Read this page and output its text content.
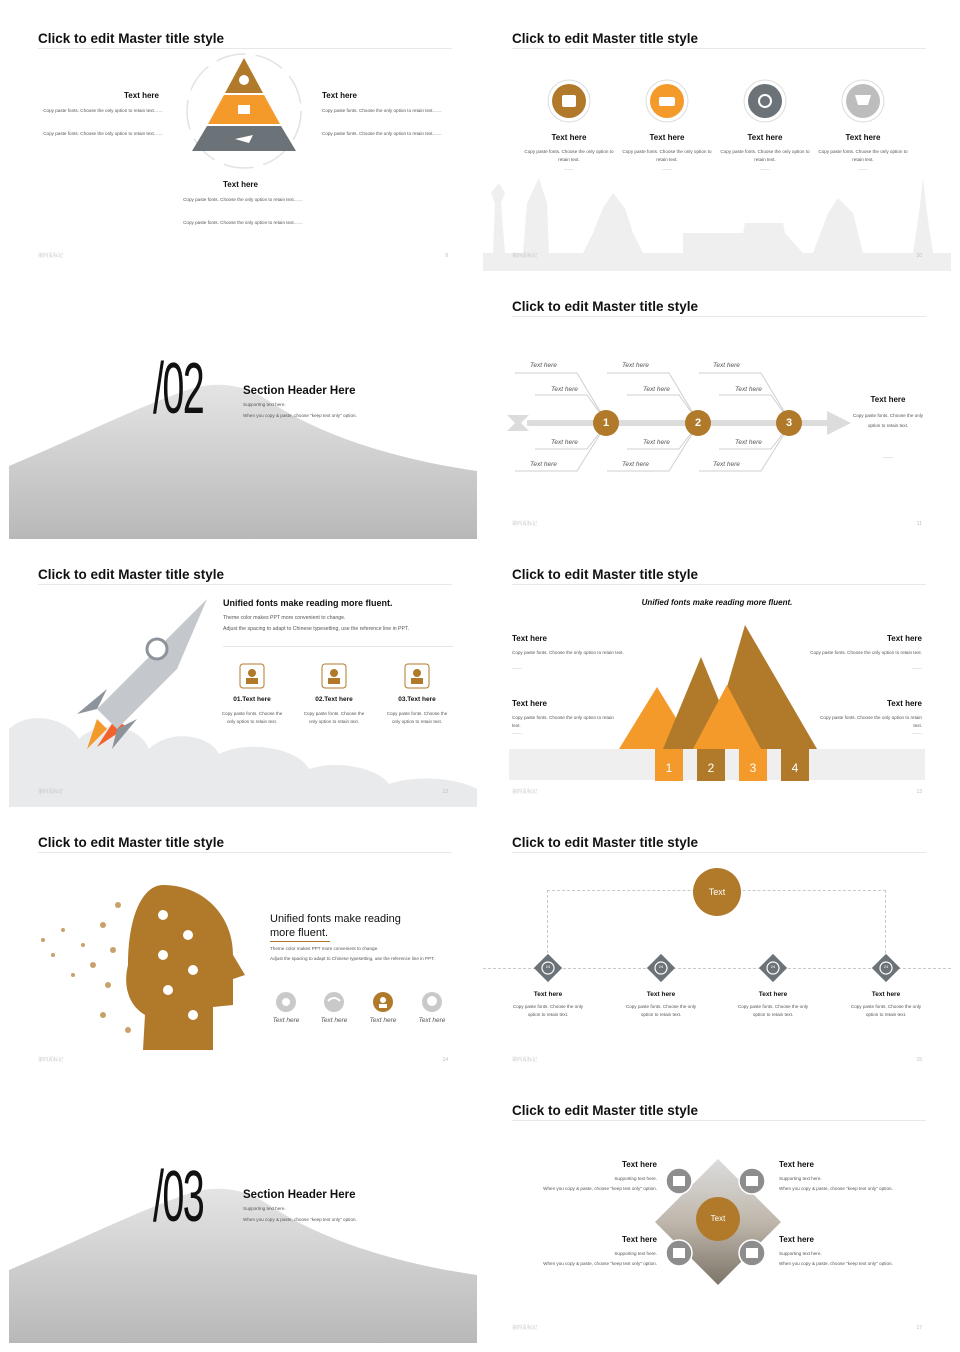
Click to edit Master title style
Text here
Copy paste fonts. Choose the only option to retain text……
Copy paste fonts. Choose the only option to retain text……
Text here
Copy paste fonts. Choose the only option to retain text……
Copy paste fonts. Choose the only option to retain text……
Text here
Copy paste fonts. Choose the only option to retain text……
Copy paste fonts. Choose the only option to retain text……
第四页标记	9
Click to edit Master title style
Text here
Copy paste fonts. Choose the only option to retain text.
……
Text here
Copy paste fonts. Choose the only option to retain text.
……
Text here
Copy paste fonts. Choose the only option to retain text.
……
Text here
Copy paste fonts. Choose the only option to retain text.
……
第四页标记	10
/02	Section Header Here
Supporting text here.
When you copy & paste, choose "keep text only" option.
Click to edit Master title style
Text here
Text here
Text here
Text here
Text here
Text here
Text here
Text here
Text here
Text here
Text here
Text here
1	2	3
Text here
Copy paste fonts. Choose the only option to retain text.
……
第四页标记	11
Click to edit Master title style
Unified fonts make reading more fluent.
Theme color makes PPT more convenient to change.
Adjust the spacing to adapt to Chinese typesetting, use the reference line in PPT.
01.Text here
Copy paste fonts. Choose the only option to retain text.
02.Text here
Copy paste fonts. Choose the only option to retain text.
03.Text here
Copy paste fonts. Choose the only option to retain text.
第四页标记	12
Click to edit Master title style
Unified fonts make reading more fluent.
1	2	3	4
Text here
Copy paste fonts. Choose the only option to retain text.
……
Text here
Copy paste fonts. Choose the only option to retain text.
……
Text here
Copy paste fonts. Choose the only option to retain text.
……
Text here
Copy paste fonts. Choose the only option to retain text.
……
第四页标记	13
Click to edit Master title style
Unified fonts make reading
more fluent.
Theme color makes PPT more convenient to change.
Adjust the spacing to adapt to Chinese typesetting, use the reference line in PPT.
Text here	Text here	Text here	Text here
第四页标记	14
Click to edit Master title style
Text
24	24	24	24
Text here
Copy paste fonts. Choose the only option to retain text.
Text here
Copy paste fonts. Choose the only option to retain text.
Text here
Copy paste fonts. Choose the only option to retain text.
Text here
Copy paste fonts. Choose the only option to retain text.
第四页标记	15
/03	Section Header Here
Supporting text here.
When you copy & paste, choose "keep text only" option.
Click to edit Master title style
Text
Text here
Supporting text here.
When you copy & paste, choose "keep text only" option.
Text here
Supporting text here.
When you copy & paste, choose "keep text only" option.
Text here
Supporting text here.
When you copy & paste, choose "keep text only" option.
Text here
Supporting text here.
When you copy & paste, choose "keep text only" option.
第四页标记	17
